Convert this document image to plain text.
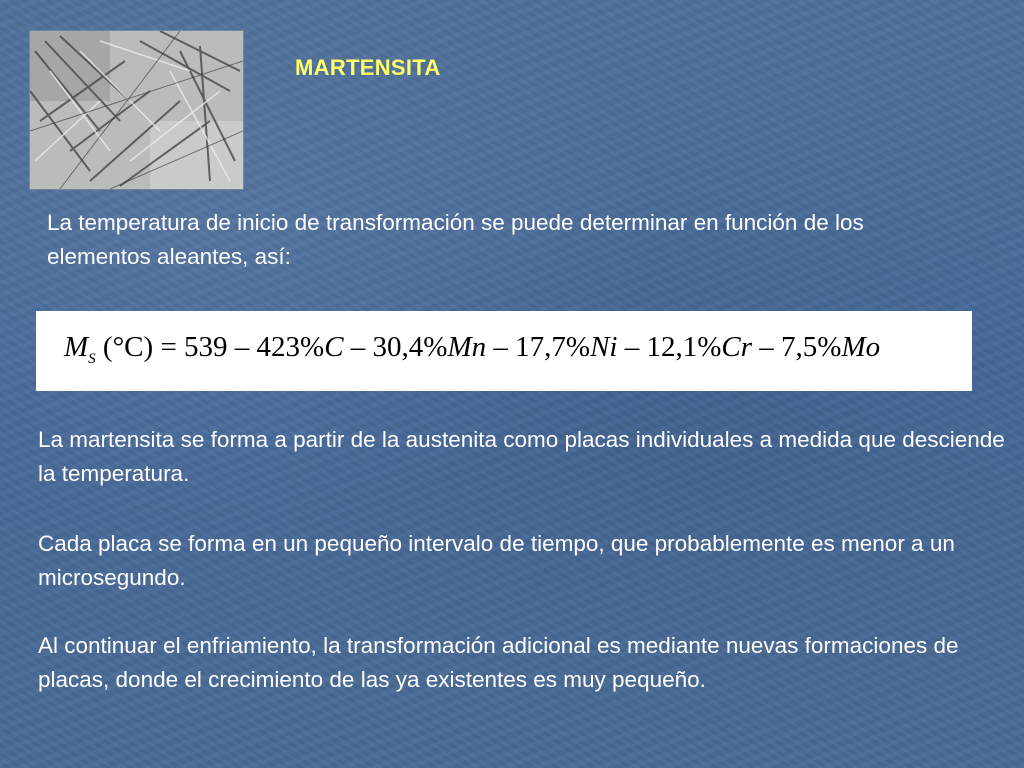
MARTENSITA

La temperatura de inicio de transformación se puede determinar en función de los elementos aleantes, así:

$M_S$ (°C) = 539 – 423%C – 30,4%Mn – 17,7%Ni – 12,1%Cr – 7,5%Mo

La martensita se forma a partir de la austenita como placas individuales a medida que desciende la temperatura.

Cada placa se forma en un pequeño intervalo de tiempo, que probablemente es menor a un microsegundo.

Al continuar el enfriamiento, la transformación adicional es mediante nuevas formaciones de placas, donde el crecimiento de las ya existentes es muy pequeño.
